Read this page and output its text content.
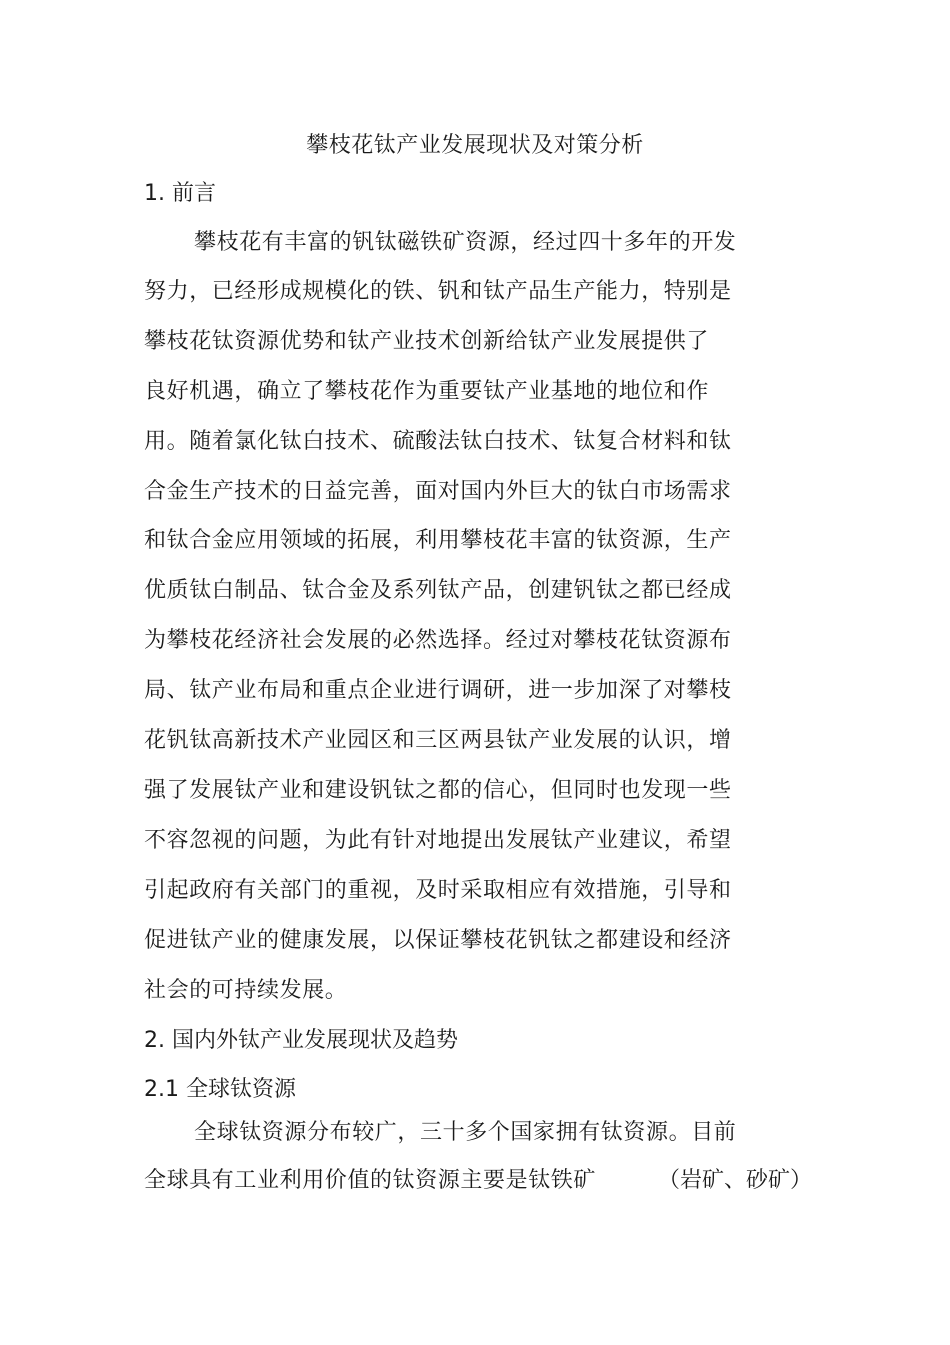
攀枝花钛产业发展现状及对策分析
1. 前言
攀枝花有丰富的钒钛磁铁矿资源，经过四十多年的开发
努力，已经形成规模化的铁、钒和钛产品生产能力，特别是
攀枝花钛资源优势和钛产业技术创新给钛产业发展提供了
良好机遇，确立了攀枝花作为重要钛产业基地的地位和作
用。随着氯化钛白技术、硫酸法钛白技术、钛复合材料和钛
合金生产技术的日益完善，面对国内外巨大的钛白市场需求
和钛合金应用领域的拓展，利用攀枝花丰富的钛资源，生产
优质钛白制品、钛合金及系列钛产品，创建钒钛之都已经成
为攀枝花经济社会发展的必然选择。经过对攀枝花钛资源布
局、钛产业布局和重点企业进行调研，进一步加深了对攀枝
花钒钛高新技术产业园区和三区两县钛产业发展的认识，增
强了发展钛产业和建设钒钛之都的信心，但同时也发现一些
不容忽视的问题，为此有针对地提出发展钛产业建议，希望
引起政府有关部门的重视，及时采取相应有效措施，引导和
促进钛产业的健康发展，以保证攀枝花钒钛之都建设和经济
社会的可持续发展。
2. 国内外钛产业发展现状及趋势
2.1 全球钛资源
全球钛资源分布较广，三十多个国家拥有钛资源。目前
全球具有工业利用价值的钛资源主要是钛铁矿	（岩矿、砂矿）
